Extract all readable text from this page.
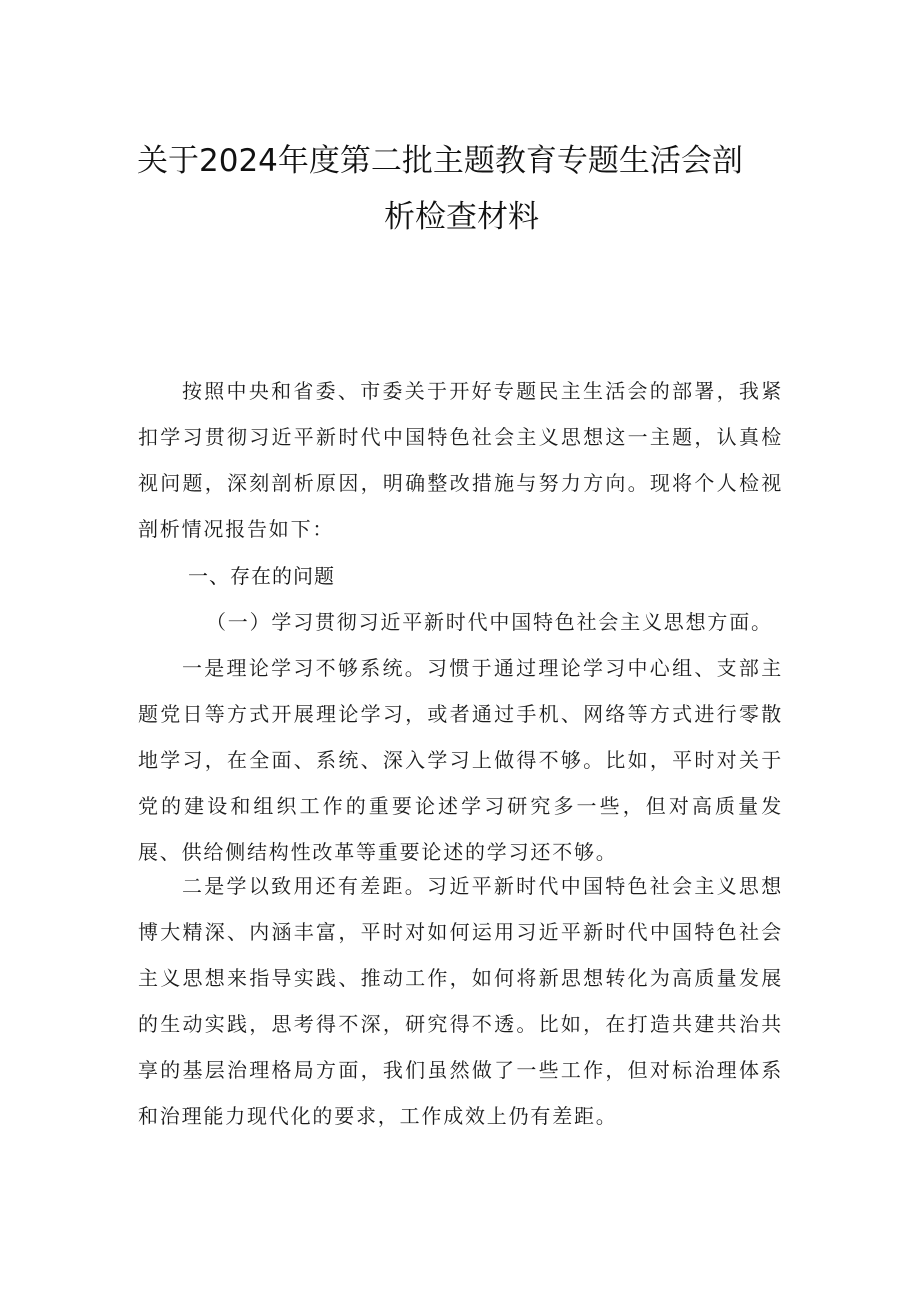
关于2024年度第二批主题教育专题生活会剖
析检查材料
按照中央和省委、市委关于开好专题民主生活会的部署，我紧扣学习贯彻习近平新时代中国特色社会主义思想这一主题，认真检视问题，深刻剖析原因，明确整改措施与努力方向。现将个人检视剖析情况报告如下：
一、存在的问题
（一）学习贯彻习近平新时代中国特色社会主义思想方面。
一是理论学习不够系统。习惯于通过理论学习中心组、支部主题党日等方式开展理论学习，或者通过手机、网络等方式进行零散地学习，在全面、系统、深入学习上做得不够。比如，平时对关于党的建设和组织工作的重要论述学习研究多一些，但对高质量发展、供给侧结构性改革等重要论述的学习还不够。
二是学以致用还有差距。习近平新时代中国特色社会主义思想博大精深、内涵丰富，平时对如何运用习近平新时代中国特色社会主义思想来指导实践、推动工作，如何将新思想转化为高质量发展的生动实践，思考得不深，研究得不透。比如，在打造共建共治共享的基层治理格局方面，我们虽然做了一些工作，但对标治理体系和治理能力现代化的要求，工作成效上仍有差距。
